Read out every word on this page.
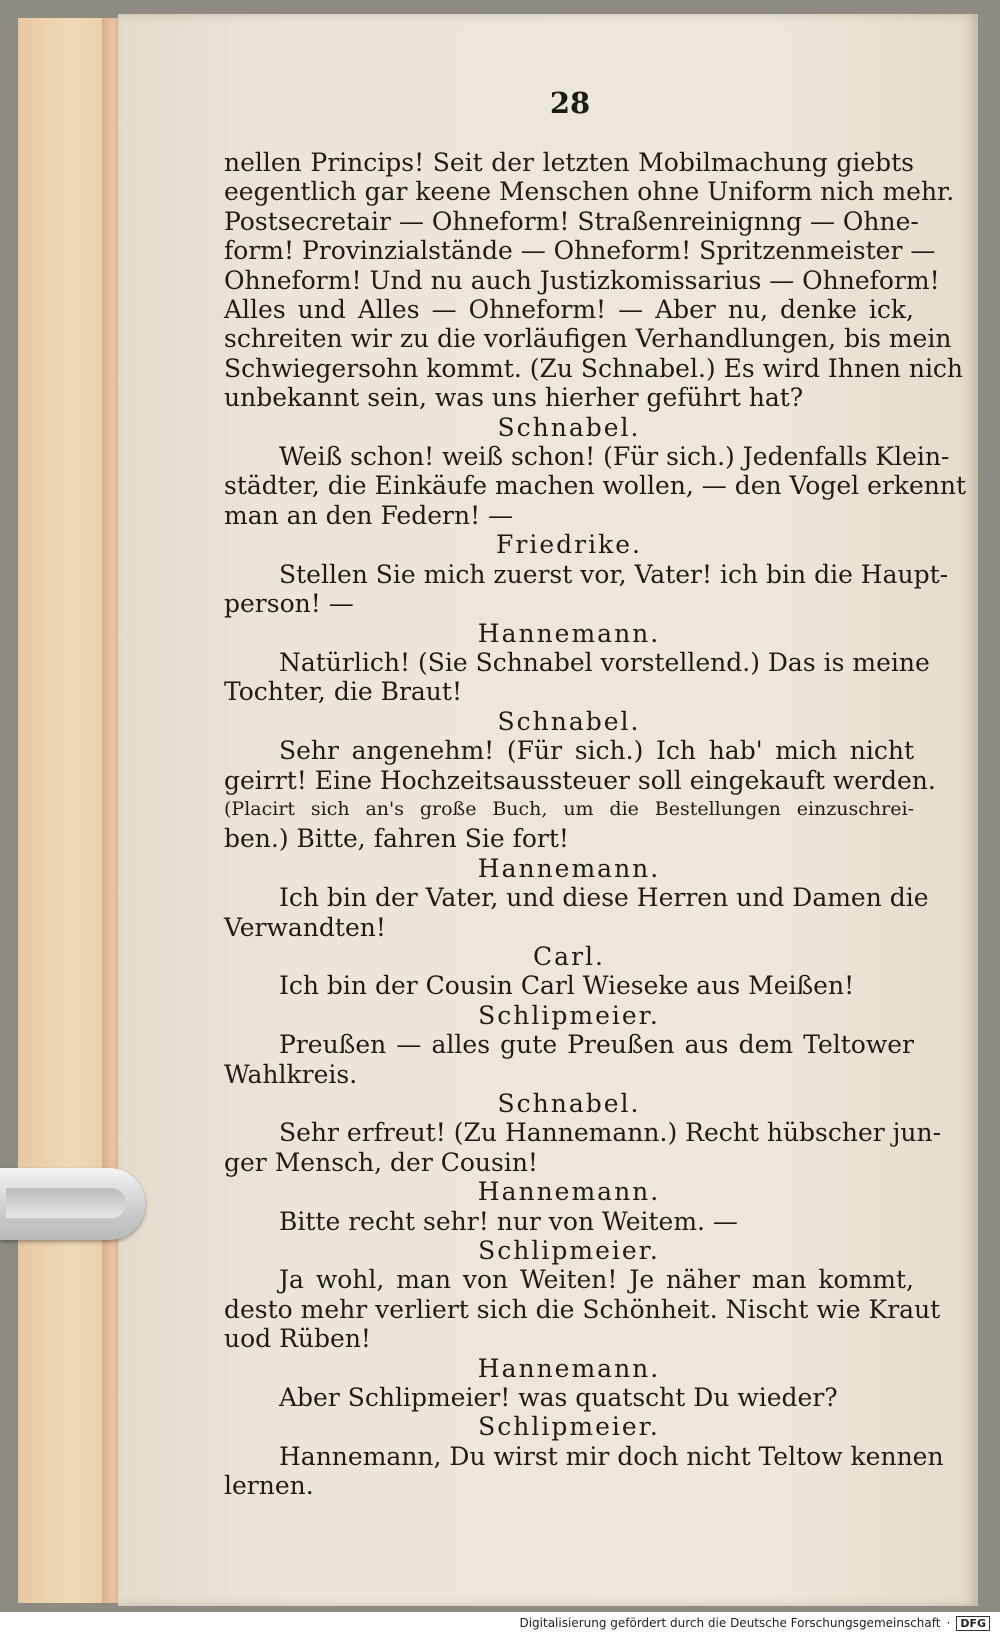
28
nellen Princips! Seit der letzten Mobilmachung giebts
eegentlich gar keene Menschen ohne Uniform nich mehr.
Postsecretair — Ohneform! Straßenreinignng — Ohne-
form! Provinzialstände — Ohneform! Spritzenmeister —
Ohneform! Und nu auch Justizkomissarius — Ohneform!
Alles und Alles — Ohneform! — Aber nu, denke ick,
schreiten wir zu die vorläufigen Verhandlungen, bis mein
Schwiegersohn kommt. (Zu Schnabel.) Es wird Ihnen nich
unbekannt sein, was uns hierher geführt hat?
Schnabel.
Weiß schon! weiß schon! (Für sich.) Jedenfalls Klein-
städter, die Einkäufe machen wollen, — den Vogel erkennt
man an den Federn! —
Friedrike.
Stellen Sie mich zuerst vor, Vater! ich bin die Haupt-
person! —
Hannemann.
Natürlich! (Sie Schnabel vorstellend.) Das is meine
Tochter, die Braut!
Schnabel.
Sehr angenehm! (Für sich.) Ich hab' mich nicht
geirrt! Eine Hochzeitsaussteuer soll eingekauft werden.
(Placirt sich an's große Buch, um die Bestellungen einzuschrei-
ben.) Bitte, fahren Sie fort!
Hannemann.
Ich bin der Vater, und diese Herren und Damen die
Verwandten!
Carl.
Ich bin der Cousin Carl Wieseke aus Meißen!
Schlipmeier.
Preußen — alles gute Preußen aus dem Teltower
Wahlkreis.
Schnabel.
Sehr erfreut! (Zu Hannemann.) Recht hübscher jun-
ger Mensch, der Cousin!
Hannemann.
Bitte recht sehr! nur von Weitem. —
Schlipmeier.
Ja wohl, man von Weiten! Je näher man kommt,
desto mehr verliert sich die Schönheit. Nischt wie Kraut
uod Rüben!
Hannemann.
Aber Schlipmeier! was quatscht Du wieder?
Schlipmeier.
Hannemann, Du wirst mir doch nicht Teltow kennen
lernen.
Digitalisierung gefördert durch die Deutsche Forschungsgemeinschaft · DFG
